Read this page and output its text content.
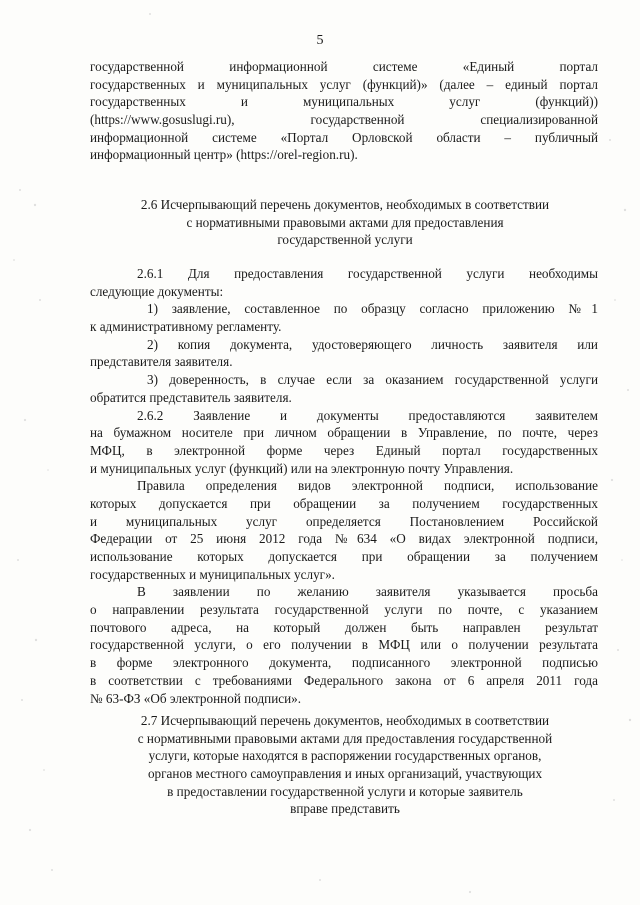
5
государственной информационной системе «Единый портал
государственных и муниципальных услуг (функций)» (далее – единый портал
государственных и муниципальных услуг (функций))
(https://www.gosuslugi.ru), государственной специализированной
информационной системе «Портал Орловской области – публичный
информационный центр» (https://orel-region.ru).
2.6 Исчерпывающий перечень документов, необходимых в соответствии
с нормативными правовыми актами для предоставления
государственной услуги
2.6.1 Для предоставления государственной услуги необходимы
следующие документы:
1) заявление, составленное по образцу согласно приложению №1
к административному регламенту.
2) копия документа, удостоверяющего личность заявителя или
представителя заявителя.
3) доверенность, в случае если за оказанием государственной услуги
обратится представитель заявителя.
2.6.2 Заявление и документы предоставляются заявителем
на бумажном носителе при личном обращении в Управление, по почте, через
МФЦ, в электронной форме через Единый портал государственных
и муниципальных услуг (функций) или на электронную почту Управления.
Правила определения видов электронной подписи, использование
которых допускается при обращении за получением государственных
и муниципальных услуг определяется Постановлением Российской
Федерации от 25 июня 2012 года №634 «О видах электронной подписи,
использование которых допускается при обращении за получением
государственных и муниципальных услуг».
В заявлении по желанию заявителя указывается просьба
о направлении результата государственной услуги по почте, с указанием
почтового адреса, на который должен быть направлен результат
государственной услуги, о его получении в МФЦ или о получении результата
в форме электронного документа, подписанного электронной подписью
в соответствии с требованиями Федерального закона от 6 апреля 2011 года
№ 63-ФЗ «Об электронной подписи».
2.7 Исчерпывающий перечень документов, необходимых в соответствии
с нормативными правовыми актами для предоставления государственной
услуги, которые находятся в распоряжении государственных органов,
органов местного самоуправления и иных организаций, участвующих
в предоставлении государственной услуги и которые заявитель
вправе представить
